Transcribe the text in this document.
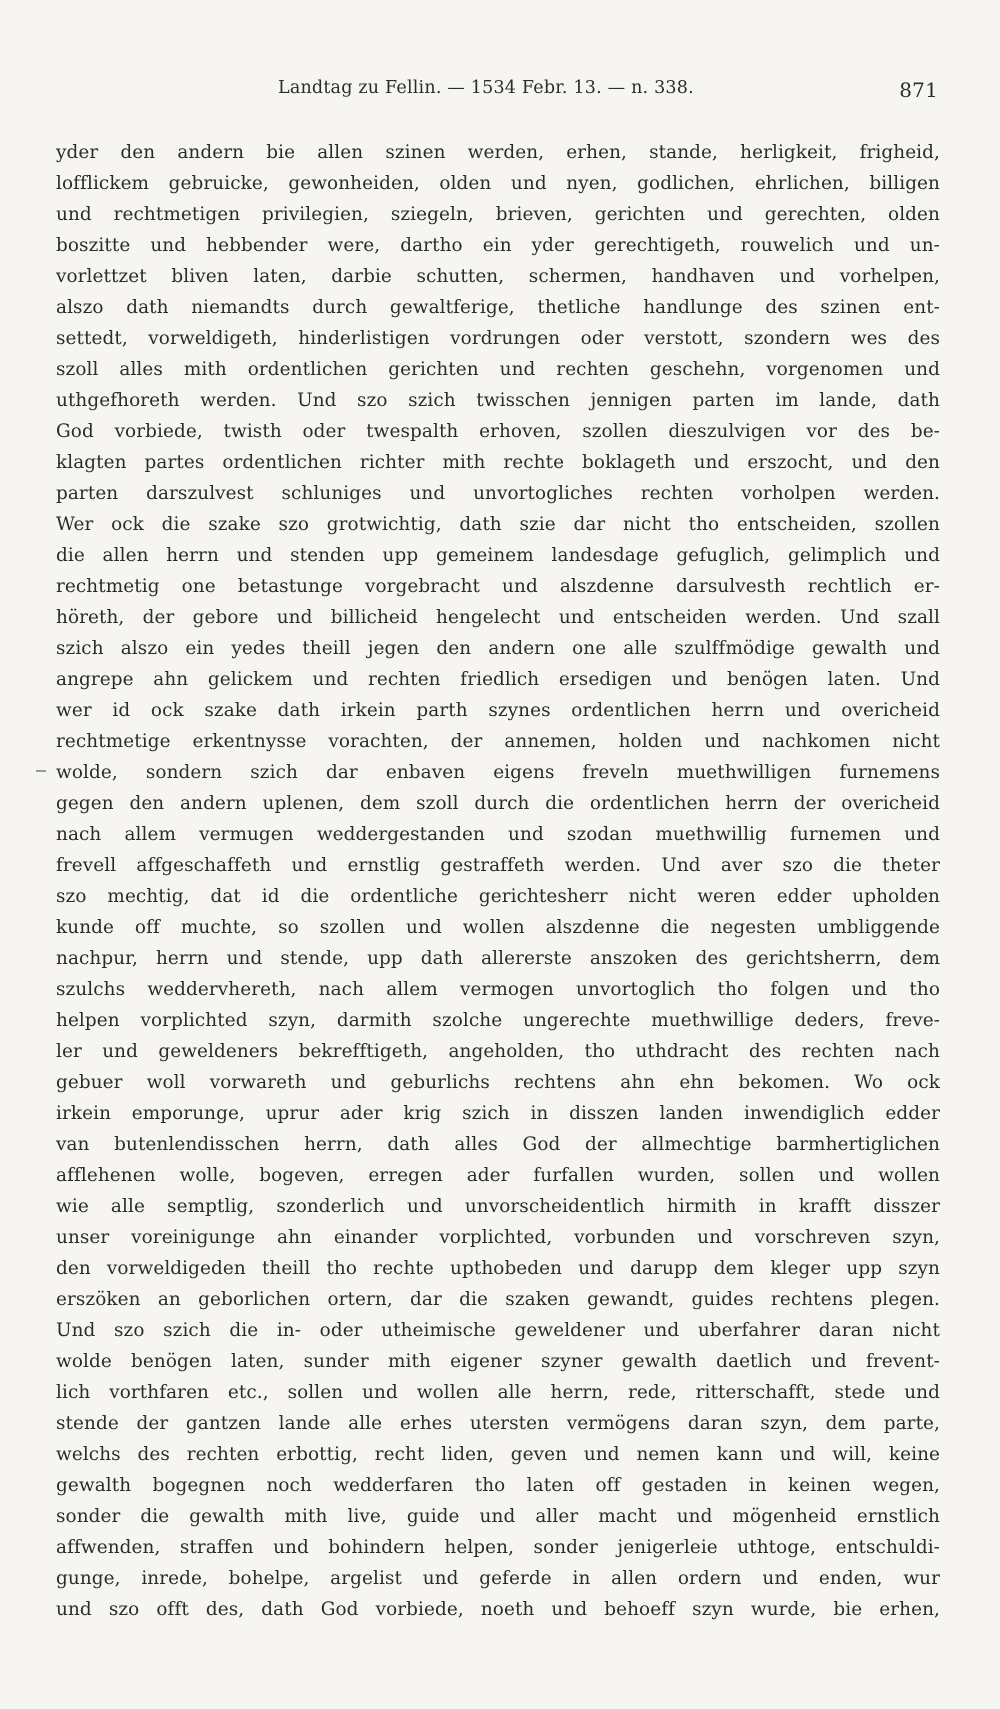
Landtag zu Fellin. — 1534 Febr. 13. — n. 338.	871
yder den andern bie allen szinen werden, erhen, stande, herligkeit, frigheid,
lofflickem gebruicke, gewonheiden, olden und nyen, godlichen, ehrlichen, billigen
und rechtmetigen privilegien, sziegeln, brieven, gerichten und gerechten, olden
boszitte und hebbender were, dartho ein yder gerechtigeth, rouwelich und un-
vorlettzet bliven laten, darbie schutten, schermen, handhaven und vorhelpen,
alszo dath niemandts durch gewaltferige, thetliche handlunge des szinen ent-
settedt, vorweldigeth, hinderlistigen vordrungen oder verstott, szondern wes des
szoll alles mith ordentlichen gerichten und rechten geschehn, vorgenomen und
uthgefhoreth werden. Und szo szich twisschen jennigen parten im lande, dath
God vorbiede, twisth oder twespalth erhoven, szollen dieszulvigen vor des be-
klagten partes ordentlichen richter mith rechte boklageth und erszocht, und den
parten darszulvest schluniges und unvortogliches rechten vorholpen werden.
Wer ock die szake szo grotwichtig, dath szie dar nicht tho entscheiden, szollen
die allen herrn und stenden upp gemeinem landesdage gefuglich, gelimplich und
rechtmetig one betastunge vorgebracht und alszdenne darsulvesth rechtlich er-
höreth, der gebore und billicheid hengelecht und entscheiden werden. Und szall
szich alszo ein yedes theill jegen den andern one alle szulffmödige gewalth und
angrepe ahn gelickem und rechten friedlich ersedigen und benögen laten. Und
wer id ock szake dath irkein parth szynes ordentlichen herrn und overicheid
rechtmetige erkentnysse vorachten, der annemen, holden und nachkomen nicht
wolde, sondern szich dar enbaven eigens freveln muethwilligen furnemens
gegen den andern uplenen, dem szoll durch die ordentlichen herrn der overicheid
nach allem vermugen weddergestanden und szodan muethwillig furnemen und
frevell affgeschaffeth und ernstlig gestraffeth werden. Und aver szo die theter
szo mechtig, dat id die ordentliche gerichtesherr nicht weren edder upholden
kunde off muchte, so szollen und wollen alszdenne die negesten umbliggende
nachpur, herrn und stende, upp dath allererste anszoken des gerichtsherrn, dem
szulchs weddervhereth, nach allem vermogen unvortoglich tho folgen und tho
helpen vorplichted szyn, darmith szolche ungerechte muethwillige deders, freve-
ler und geweldeners bekrefftigeth, angeholden, tho uthdracht des rechten nach
gebuer woll vorwareth und geburlichs rechtens ahn ehn bekomen. Wo ock
irkein emporunge, uprur ader krig szich in disszen landen inwendiglich edder
van butenlendisschen herrn, dath alles God der allmechtige barmhertiglichen
afflehenen wolle, bogeven, erregen ader furfallen wurden, sollen und wollen
wie alle semptlig, szonderlich und unvorscheidentlich hirmith in krafft disszer
unser voreinigunge ahn einander vorplichted, vorbunden und vorschreven szyn,
den vorweldigeden theill tho rechte upthobeden und darupp dem kleger upp szyn
erszöken an geborlichen ortern, dar die szaken gewandt, guides rechtens plegen.
Und szo szich die in- oder utheimische geweldener und uberfahrer daran nicht
wolde benögen laten, sunder mith eigener szyner gewalth daetlich und frevent-
lich vorthfaren etc., sollen und wollen alle herrn, rede, ritterschafft, stede und
stende der gantzen lande alle erhes utersten vermögens daran szyn, dem parte,
welchs des rechten erbottig, recht liden, geven und nemen kann und will, keine
gewalth bogegnen noch wedderfaren tho laten off gestaden in keinen wegen,
sonder die gewalth mith live, guide und aller macht und mögenheid ernstlich
affwenden, straffen und bohindern helpen, sonder jenigerleie uthtoge, entschuldi-
gunge, inrede, bohelpe, argelist und geferde in allen ordern und enden, wur
und szo offt des, dath God vorbiede, noeth und behoeff szyn wurde, bie erhen,
